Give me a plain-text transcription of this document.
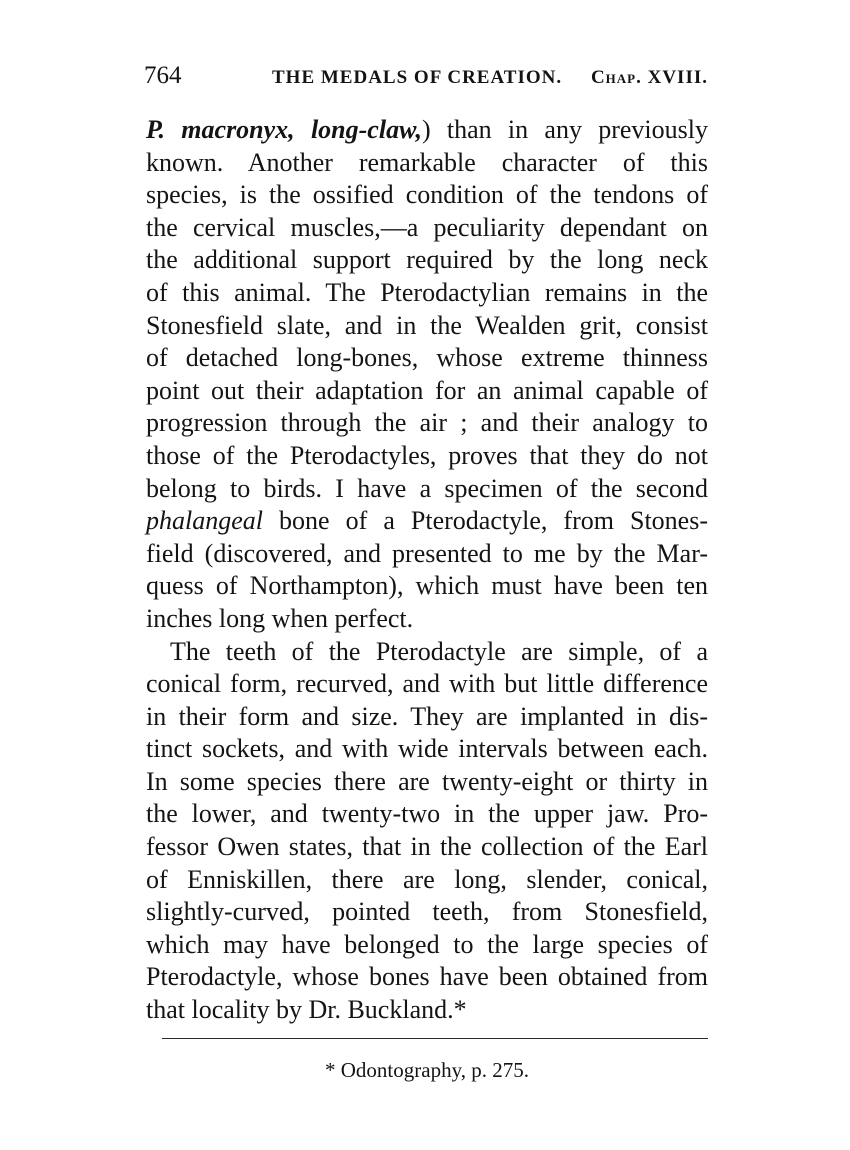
764	THE MEDALS OF CREATION. Chap. XVIII.
P. macronyx, long-claw,) than in any previously
known. Another remarkable character of this
species, is the ossified condition of the tendons of
the cervical muscles,—a peculiarity dependant on
the additional support required by the long neck
of this animal. The Pterodactylian remains in the
Stonesfield slate, and in the Wealden grit, consist
of detached long-bones, whose extreme thinness
point out their adaptation for an animal capable of
progression through the air ; and their analogy to
those of the Pterodactyles, proves that they do not
belong to birds. I have a specimen of the second
phalangeal bone of a Pterodactyle, from Stones-
field (discovered, and presented to me by the Mar-
quess of Northampton), which must have been ten
inches long when perfect.
The teeth of the Pterodactyle are simple, of a
conical form, recurved, and with but little difference
in their form and size. They are implanted in dis-
tinct sockets, and with wide intervals between each.
In some species there are twenty-eight or thirty in
the lower, and twenty-two in the upper jaw. Pro-
fessor Owen states, that in the collection of the Earl
of Enniskillen, there are long, slender, conical,
slightly-curved, pointed teeth, from Stonesfield,
which may have belonged to the large species of
Pterodactyle, whose bones have been obtained from
that locality by Dr. Buckland.*
* Odontography, p. 275.
